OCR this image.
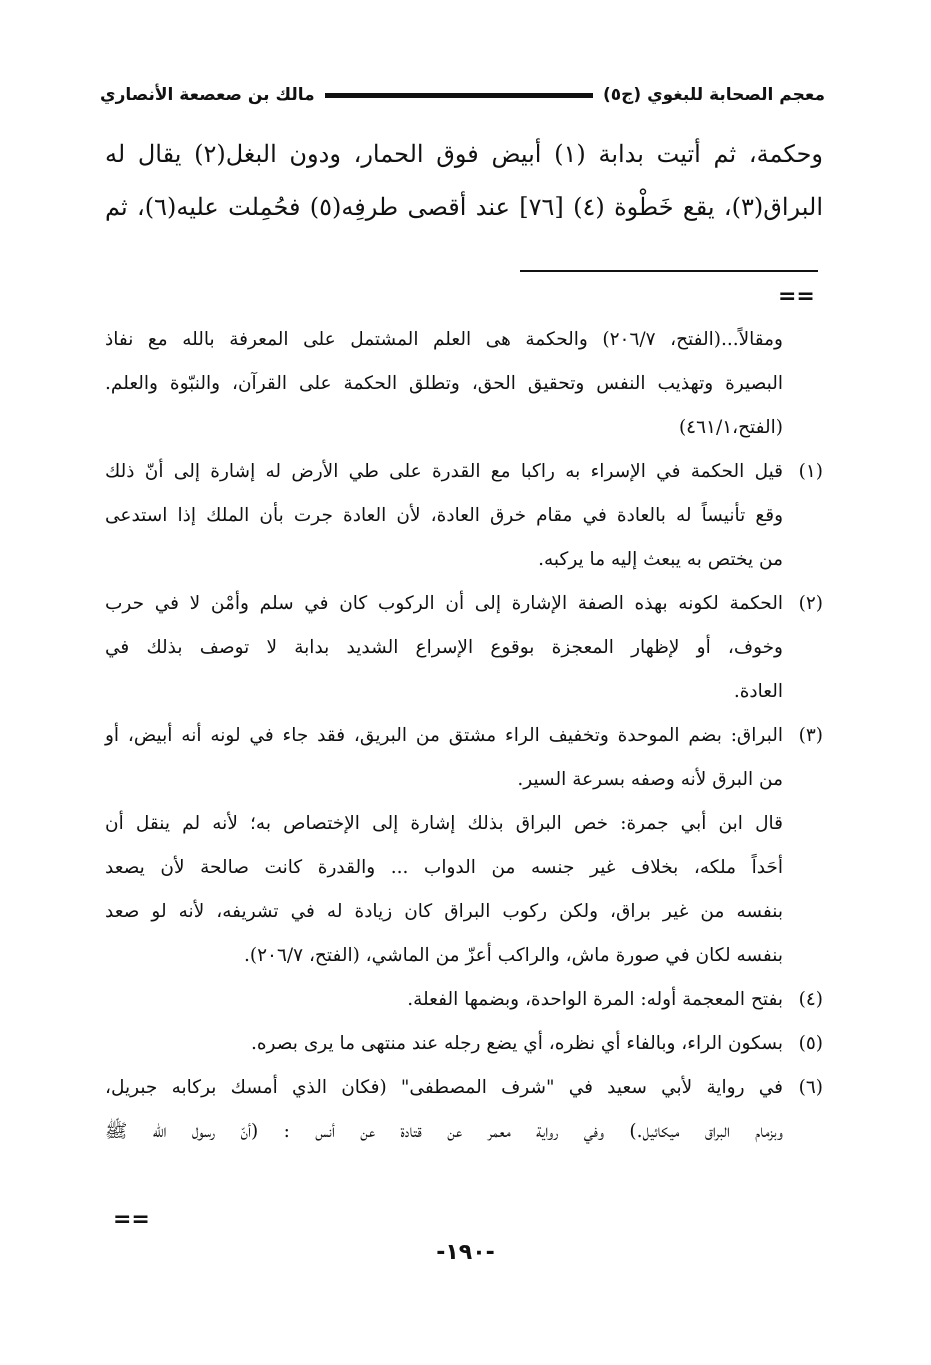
معجم الصحابة للبغوي (ج٥)
مالك بن صعصعة الأنصاري
وحكمة، ثم أتيت بدابة (١) أبيض فوق الحمار، ودون البغل(٢) يقال له
البراق(٣)، يقع خَطْوة (٤) [٧٦] عند أقصى طرفِه(٥) فحُمِلت عليه(٦)، ثم
==
ومقالاً...(الفتح، ٢٠٦/٧) والحكمة هى العلم المشتمل على المعرفة بالله مع نفاذ
البصيرة وتهذيب النفس وتحقيق الحق، وتطلق الحكمة على القرآن، والنبّوة والعلم.
(الفتح،٤٦١/١)
(١)
قيل الحكمة في الإسراء به راكبا مع القدرة على طي الأرض له إشارة إلى أنّ ذلك
وقع تأنيساً له بالعادة في مقام خرق العادة، لأن العادة جرت بأن الملك إذا استدعى
من يختص به يبعث إليه ما يركبه.
(٢)
الحكمة لكونه بهذه الصفة الإشارة إلى أن الركوب كان في سلم وأمْن لا في حرب
وخوف، أو لإظهار المعجزة بوقوع الإسراع الشديد بدابة لا توصف بذلك في
العادة.
(٣)
البراق: بضم الموحدة وتخفيف الراء مشتق من البريق، فقد جاء في لونه أنه أبيض، أو
من البرق لأنه وصفه بسرعة السير.
قال ابن أبي جمرة: خص البراق بذلك إشارة إلى الإختصاص به؛ لأنه لم ينقل أن
أحَداً ملكه، بخلاف غير جنسه من الدواب ... والقدرة كانت صالحة لأن يصعد
بنفسه من غير براق، ولكن ركوب البراق كان زيادة له في تشريفه، لأنه لو صعد
بنفسه لكان في صورة ماش، والراكب أعزّ من الماشي، (الفتح، ٢٠٦/٧).
(٤)
بفتح المعجمة أوله: المرة الواحدة، وبضمها الفعلة.
(٥)
بسكون الراء، وبالفاء أي نظره، أي يضع رجله عند منتهى ما يرى بصره.
(٦)
في رواية لأبي سعيد في "شرف المصطفى" (فكان الذي أمسك بركابه جبريل،
وبزمام البراق ميكائيل.) وفي رواية معمر عن قتادة عن أنس : (أنّ رسول الله ﷺ
==
-١٩٠-
